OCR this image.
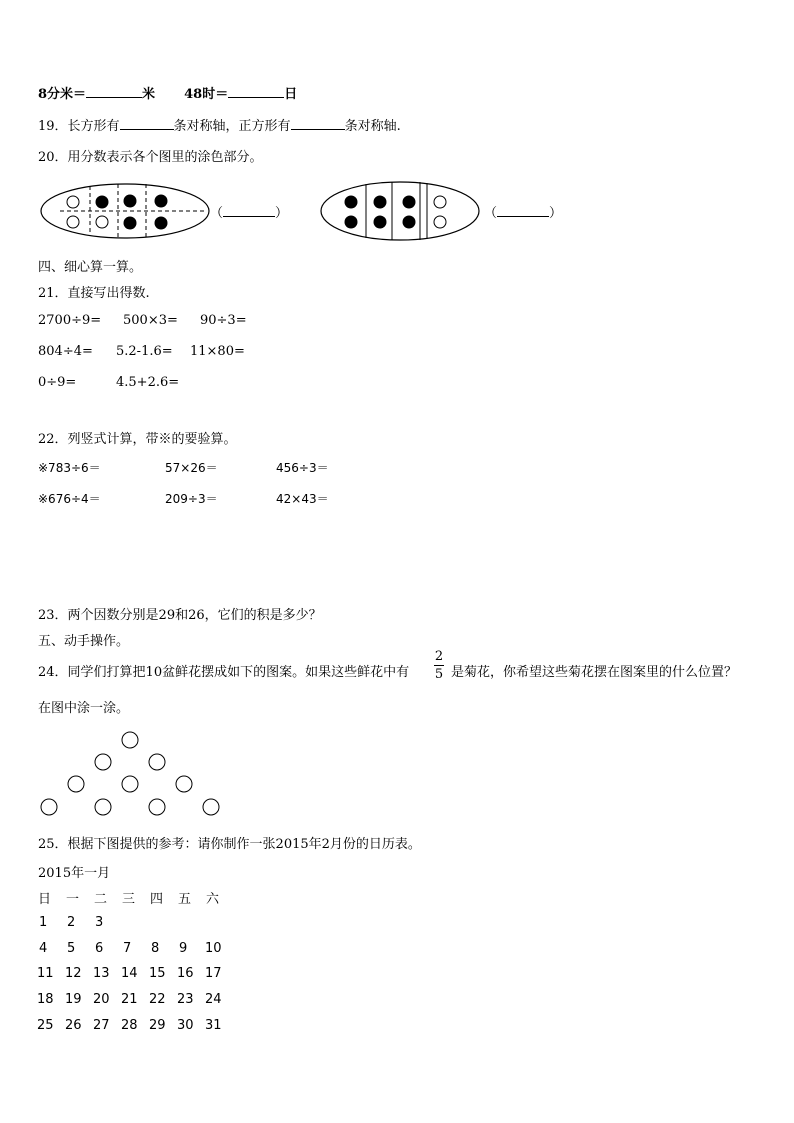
8分米＝	米 48时＝	日
19．长方形有	条对称轴，正方形有	条对称轴.
20．用分数表示各个图里的涂色部分。
（	）	（	）
四、细心算一算。
21．直接写出得数.
2700÷9= 500×3= 90÷3=
804÷4= 5.2-1.6= 11×80=
0÷9=	4.5+2.6=
22．列竖式计算，带※的要验算。
※783÷6＝	57×26＝	456÷3＝
※676÷4＝	209÷3＝	42×43＝
23．两个因数分别是29和26，它们的积是多少？
五、动手操作。
24．同学们打算把10盆鲜花摆成如下的图案。如果这些鲜花中有
2
5 是菊花，你希望这些菊花摆在图案里的什么位置？
在图中涂一涂。
25．根据下图提供的参考：请你制作一张2015年2月份的日历表。
2015年一月
日 一 二 三 四 五 六
1 2 3
4 5 6 7 8 9 10
11 12 13 14 15 16 17
18 19 20 21 22 23 24
25 26 27 28 29 30 31
